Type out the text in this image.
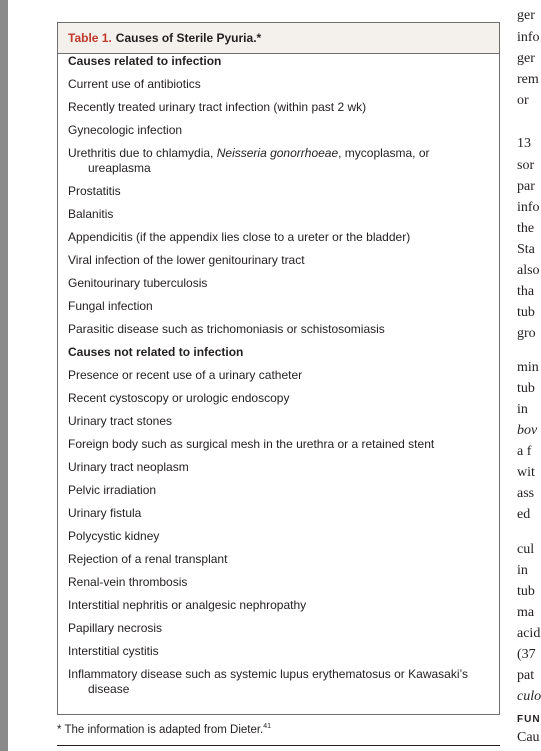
Table 1. Causes of Sterile Pyuria.*
Causes related to infection
Current use of antibiotics
Recently treated urinary tract infection (within past 2 wk)
Gynecologic infection
Urethritis due to chlamydia, Neisseria gonorrhoeae, mycoplasma, or
ureaplasma
Prostatitis
Balanitis
Appendicitis (if the appendix lies close to a ureter or the bladder)
Viral infection of the lower genitourinary tract
Genitourinary tuberculosis
Fungal infection
Parasitic disease such as trichomoniasis or schistosomiasis
Causes not related to infection
Presence or recent use of a urinary catheter
Recent cystoscopy or urologic endoscopy
Urinary tract stones
Foreign body such as surgical mesh in the urethra or a retained stent
Urinary tract neoplasm
Pelvic irradiation
Urinary fistula
Polycystic kidney
Rejection of a renal transplant
Renal-vein thrombosis
Interstitial nephritis or analgesic nephropathy
Papillary necrosis
Interstitial cystitis
Inflammatory disease such as systemic lupus erythematosus or Kawasaki’s
disease
* The information is adapted from Dieter.$^{41}$
ger
info
ger
rem
or
13
sor
par
info
the
Sta
also
tha
tub
gro
min
tub
in
bov
a f
wit
ass
ed
cul
in
tub
ma
acid
(37
pat
culo
FUN
Cau
